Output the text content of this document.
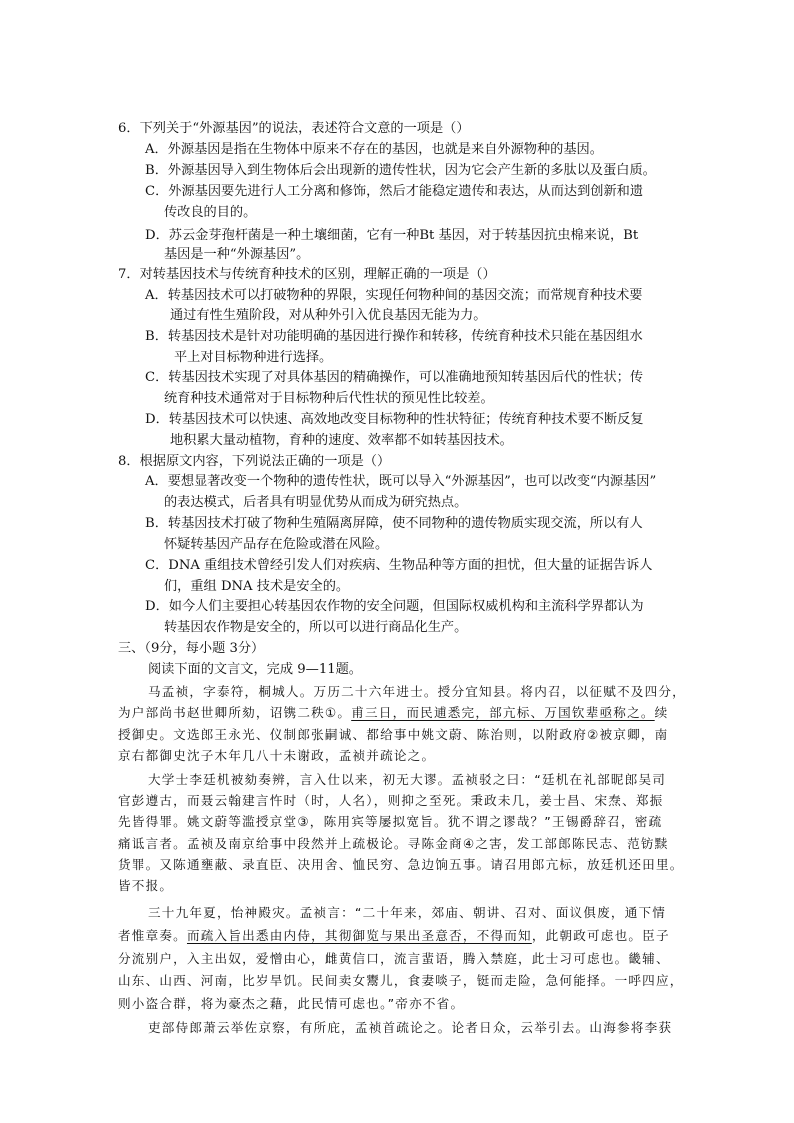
6．下列关于“外源基因”的说法，表述符合文意的一项是（）
A．外源基因是指在生物体中原来不存在的基因，也就是来自外源物种的基因。
B．外源基因导入到生物体后会出现新的遗传性状，因为它会产生新的多肽以及蛋白质。
C．外源基因要先进行人工分离和修饰，然后才能稳定遗传和表达，从而达到创新和遗
传改良的目的。
D．苏云金芽孢杆菌是一种土壤细菌，它有一种Bt 基因，对于转基因抗虫棉来说，Bt
基因是一种“外源基因”。
7．对转基因技术与传统育种技术的区别，理解正确的一项是（）
A．转基因技术可以打破物种的界限，实现任何物种间的基因交流；而常规育种技术要
通过有性生殖阶段，对从种外引入优良基因无能为力。
B．转基因技术是针对功能明确的基因进行操作和转移，传统育种技术只能在基因组水
平上对目标物种进行选择。
C．转基因技术实现了对具体基因的精确操作，可以准确地预知转基因后代的性状；传
统育种技术通常对于目标物种后代性状的预见性比较差。
D．转基因技术可以快速、高效地改变目标物种的性状特征；传统育种技术要不断反复
地积累大量动植物，育种的速度、效率都不如转基因技术。
8．根据原文内容，下列说法正确的一项是（）
A．要想显著改变一个物种的遗传性状，既可以导入“外源基因”，也可以改变“内源基因”
的表达模式，后者具有明显优势从而成为研究热点。
B．转基因技术打破了物种生殖隔离屏障，使不同物种的遗传物质实现交流，所以有人
怀疑转基因产品存在危险或潜在风险。
C．DNA 重组技术曾经引发人们对疾病、生物品种等方面的担忧，但大量的证据告诉人
们，重组 DNA 技术是安全的。
D．如今人们主要担心转基因农作物的安全问题，但国际权威机构和主流科学界都认为
转基因农作物是安全的，所以可以进行商品化生产。
三、（9分，每小题 3分）
阅读下面的文言文，完成 9—11题。
马孟祯，字泰符，桐城人。万历二十六年进士。授分宜知县。将内召，以征赋不及四分，
为户部尚书赵世卿所劾，诏镌二秩①。甫三日，而民逋悉完，部亢标、万国钦辈亟称之。续
授御史。文选郎王永光、仪制郎张嗣诚、都给事中姚文蔚、陈治则，以附政府②被京卿，南
京右都御史沈子木年几八十未谢政，孟祯并疏论之。
大学士李廷机被劾奏辨，言入仕以来，初无大谬。孟祯驳之曰：“廷机在礼部昵郎吴司
官彭遵古，而聂云翰建言忤时（时，人名），则抑之至死。秉政未几，姜士昌、宋焘、郑振
先皆得罪。姚文蔚等滥授京堂③，陈用宾等屡拟宽旨。犹不谓之谬哉？”王锡爵辞召，密疏
痛诋言者。孟祯及南京给事中段然并上疏极论。寻陈金商④之害，发工部郎陈民志、范钫黩
货罪。又陈通壅蔽、录直臣、决用舍、恤民穷、急边饷五事。请召用郎亢标，放廷机还田里。
皆不报。
三十九年夏，怡神殿灾。孟祯言：“二十年来，郊庙、朝讲、召对、面议俱废，通下情
者惟章奏。而疏入旨出悉由内侍，其彻御览与果出圣意否，不得而知，此朝政可虑也。臣子
分流别户，入主出奴，爱憎由心，雌黄信口，流言蜚语，腾入禁庭，此士习可虑也。畿辅、
山东、山西、河南，比岁旱饥。民间卖女鬻儿，食妻啖子，铤而走险，急何能择。一呼四应，
则小盗合群，将为豪杰之藉，此民情可虑也。”帝亦不省。
吏部侍郎萧云举佐京察，有所庇，孟祯首疏论之。论者日众，云举引去。山海参将李获
